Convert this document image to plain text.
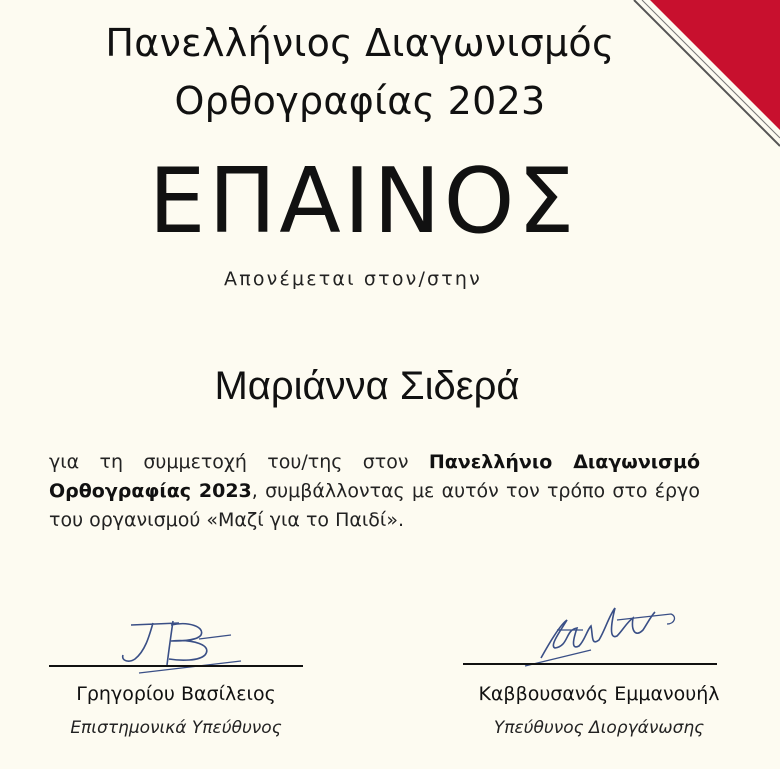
Πανελλήνιος Διαγωνισμός
Ορθογραφίας 2023
ΕΠΑΙΝΟΣ
Απονέμεται στον/στην
Μαριάννα Σιδερά
για τη συμμετοχή του/της στον Πανελλήνιο Διαγωνισμό Ορθογραφίας 2023, συμβάλλοντας με αυτόν τον τρόπο στο έργο του οργανισμού «Μαζί για το Παιδί».
Γρηγορίου Βασίλειος
Επιστημονικά Υπεύθυνος
Καββουσανός Εμμανουήλ
Υπεύθυνος Διοργάνωσης
